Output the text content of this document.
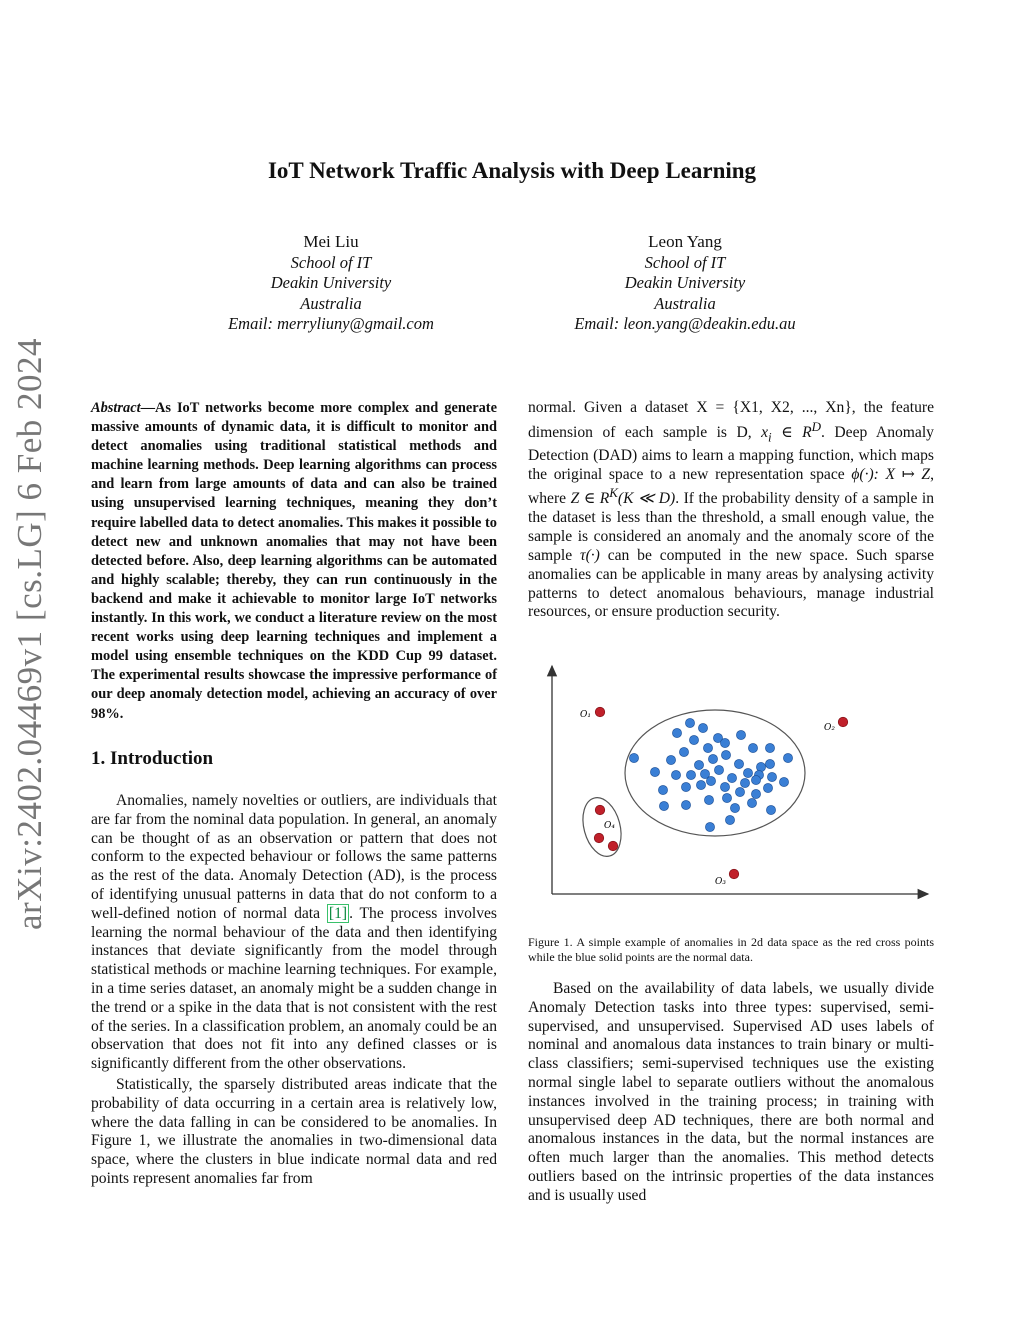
arXiv:2402.04469v1 [cs.LG] 6 Feb 2024
IoT Network Traffic Analysis with Deep Learning
Mei Liu
School of IT
Deakin University
Australia
Email: merryliuny@gmail.com
Leon Yang
School of IT
Deakin University
Australia
Email: leon.yang@deakin.edu.au
Abstract—As IoT networks become more complex and generate massive amounts of dynamic data, it is difficult to monitor and detect anomalies using traditional statistical methods and machine learning methods. Deep learning algorithms can process and learn from large amounts of data and can also be trained using unsupervised learning techniques, meaning they don’t require labelled data to detect anomalies. This makes it possible to detect new and unknown anomalies that may not have been detected before. Also, deep learning algorithms can be automated and highly scalable; thereby, they can run continuously in the backend and make it achievable to monitor large IoT networks instantly. In this work, we conduct a literature review on the most recent works using deep learning techniques and implement a model using ensemble techniques on the KDD Cup 99 dataset. The experimental results showcase the impressive performance of our deep anomaly detection model, achieving an accuracy of over 98%.
1. Introduction

Anomalies, namely novelties or outliers, are individuals that are far from the nominal data population. In general, an anomaly can be thought of as an observation or pattern that does not conform to the expected behaviour or follows the same patterns as the rest of the data. Anomaly Detection (AD), is the process of identifying unusual patterns in data that do not conform to a well-defined notion of normal data [1] . The process involves learning the normal behaviour of the data and then identifying instances that deviate significantly from the model through statistical methods or machine learning techniques. For example, in a time series dataset, an anomaly might be a sudden change in the trend or a spike in the data that is not consistent with the rest of the series. In a classification problem, an anomaly could be an observation that does not fit into any defined classes or is significantly different from the other observations.

Statistically, the sparsely distributed areas indicate that the probability of data occurring in a certain area is relatively low, where the data falling in can be considered to be anomalies. In Figure 1, we illustrate the anomalies in two-dimensional data space, where the clusters in blue indicate normal data and red points represent anomalies far from

normal. Given a dataset X = {X1, X2, ..., Xn}, the feature dimension of each sample is D, $x_i$ ∈ $R^D$. Deep Anomaly Detection (DAD) aims to learn a mapping function, which maps the original space to a new representation space ϕ(·): X ↦ Z, where Z ∈ $R^K(K$ ≪ D). If the probability density of a sample in the dataset is less than the threshold, a small enough value, the sample is considered an anomaly and the anomaly score of the sample τ(·) can be computed in the new space. Such sparse anomalies can be applicable in many areas by analysing activity patterns to detect anomalous behaviours, manage industrial resources, or ensure production security.

O₁
O₂
O₃
O₄
Figure 1. A simple example of anomalies in 2d data space as the red cross points while the blue solid points are the normal data.

Based on the availability of data labels, we usually divide Anomaly Detection tasks into three types: supervised, semi-supervised, and unsupervised. Supervised AD uses labels of nominal and anomalous data instances to train binary or multi-class classifiers; semi-supervised techniques use the existing normal single label to separate outliers without the anomalous instances involved in the training process; in training with unsupervised deep AD techniques, there are both normal and anomalous instances in the data, but the normal instances are often much larger than the anomalies. This method detects outliers based on the intrinsic properties of the data instances and is usually used
